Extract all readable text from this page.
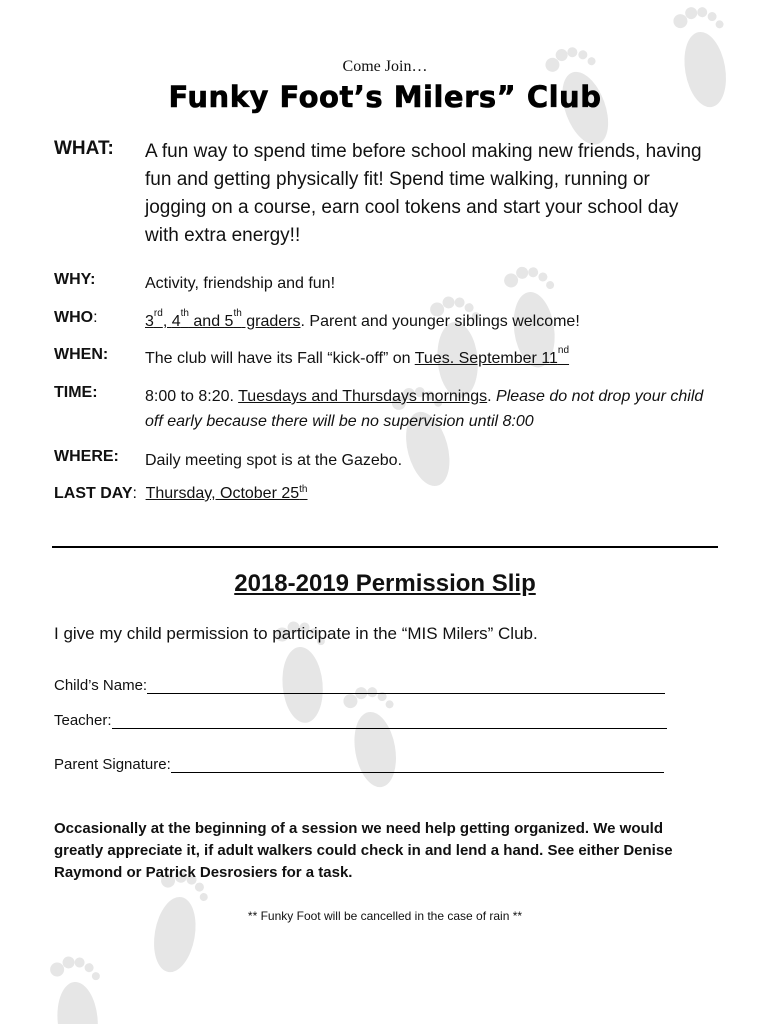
Come Join…
Funky Foot’s Milers” Club
WHAT: A fun way to spend time before school making new friends, having fun and getting physically fit! Spend time walking, running or jogging on a course, earn cool tokens and start your school day with extra energy!!
WHY:	Activity, friendship and fun!
WHO:	3rd, 4th and 5th graders. Parent and younger siblings welcome!
WHEN: The club will have its Fall “kick-off” on Tues. September 11nd
TIME:	8:00 to 8:20. Tuesdays and Thursdays mornings. Please do not drop your child off early because there will be no supervision until 8:00
WHERE: Daily meeting spot is at the Gazebo.
LAST DAY: Thursday, October 25th
2018-2019 Permission Slip
I give my child permission to participate in the “MIS Milers” Club.
Child’s Name:
Teacher:
Parent Signature:
Occasionally at the beginning of a session we need help getting organized. We would greatly appreciate it, if adult walkers could check in and lend a hand. See either Denise Raymond or Patrick Desrosiers for a task.
** Funky Foot will be cancelled in the case of rain **
